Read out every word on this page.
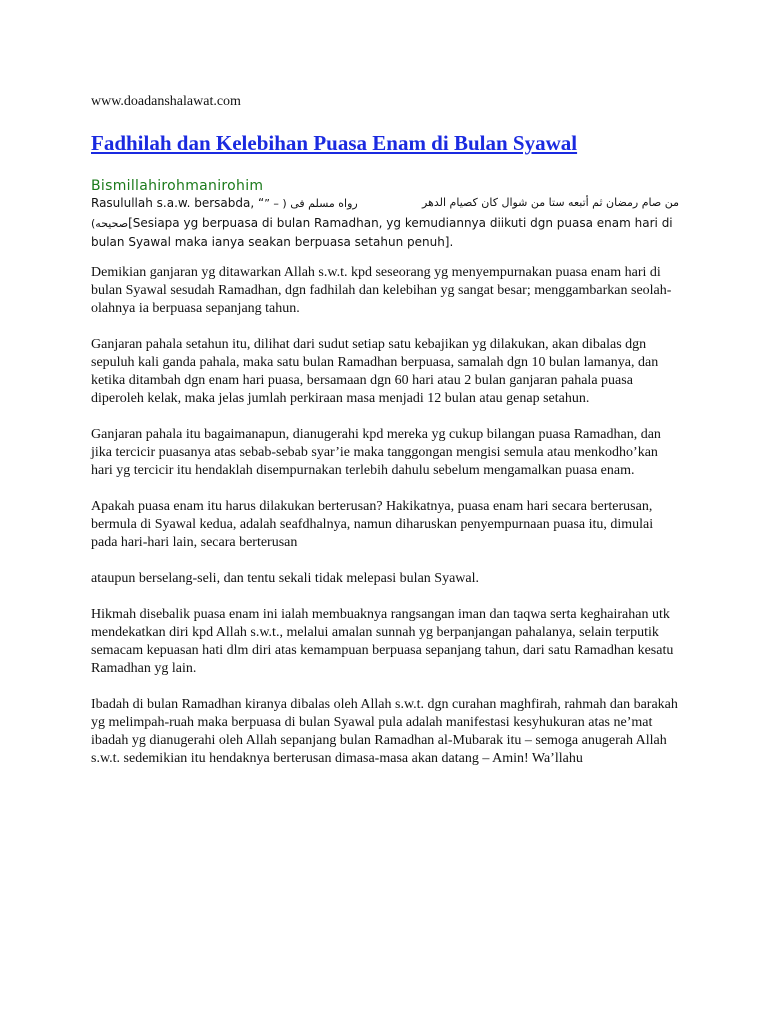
www.doadanshalawat.com
Fadhilah dan Kelebihan Puasa Enam di Bulan Syawal
Bismillahirohmanirohim
Rasulullah s.a.w. bersabda, “رواه مسلم فى ( – ”	من صام رمضان ثم أتبعه ستا من شوال كان كصيام الدهر
صحيحه)[Sesiapa yg berpuasa di bulan Ramadhan, yg kemudiannya diikuti dgn puasa enam hari di
bulan Syawal maka ianya seakan berpuasa setahun penuh].

Demikian ganjaran yg ditawarkan Allah s.w.t. kpd seseorang yg menyempurnakan puasa enam hari di bulan Syawal sesudah Ramadhan, dgn fadhilah dan kelebihan yg sangat besar; menggambarkan seolah-olahnya ia berpuasa sepanjang tahun.

Ganjaran pahala setahun itu, dilihat dari sudut setiap satu kebajikan yg dilakukan, akan dibalas dgn sepuluh kali ganda pahala, maka satu bulan Ramadhan berpuasa, samalah dgn 10 bulan lamanya, dan ketika ditambah dgn enam hari puasa, bersamaan dgn 60 hari atau 2 bulan ganjaran pahala puasa diperoleh kelak, maka jelas jumlah perkiraan masa menjadi 12 bulan atau genap setahun.

Ganjaran pahala itu bagaimanapun, dianugerahi kpd mereka yg cukup bilangan puasa Ramadhan, dan jika tercicir puasanya atas sebab-sebab syar’ie maka tanggongan mengisi semula atau menkodho’kan hari yg tercicir itu hendaklah disempurnakan terlebih dahulu sebelum mengamalkan puasa enam.

Apakah puasa enam itu harus dilakukan berterusan? Hakikatnya, puasa enam hari secara berterusan, bermula di Syawal kedua, adalah seafdhalnya, namun diharuskan penyempurnaan puasa itu, dimulai pada hari-hari lain, secara berterusan

ataupun berselang-seli, dan tentu sekali tidak melepasi bulan Syawal.

Hikmah disebalik puasa enam ini ialah membuaknya rangsangan iman dan taqwa serta keghairahan utk mendekatkan diri kpd Allah s.w.t., melalui amalan sunnah yg berpanjangan pahalanya, selain terputik semacam kepuasan hati dlm diri atas kemampuan berpuasa sepanjang tahun, dari satu Ramadhan kesatu Ramadhan yg lain.

Ibadah di bulan Ramadhan kiranya dibalas oleh Allah s.w.t. dgn curahan maghfirah, rahmah dan barakah yg melimpah-ruah maka berpuasa di bulan Syawal pula adalah manifestasi kesyhukuran atas ne’mat ibadah yg dianugerahi oleh Allah sepanjang bulan Ramadhan al-Mubarak itu – semoga anugerah Allah s.w.t. sedemikian itu hendaknya berterusan dimasa-masa akan datang – Amin! Wa’llahu
